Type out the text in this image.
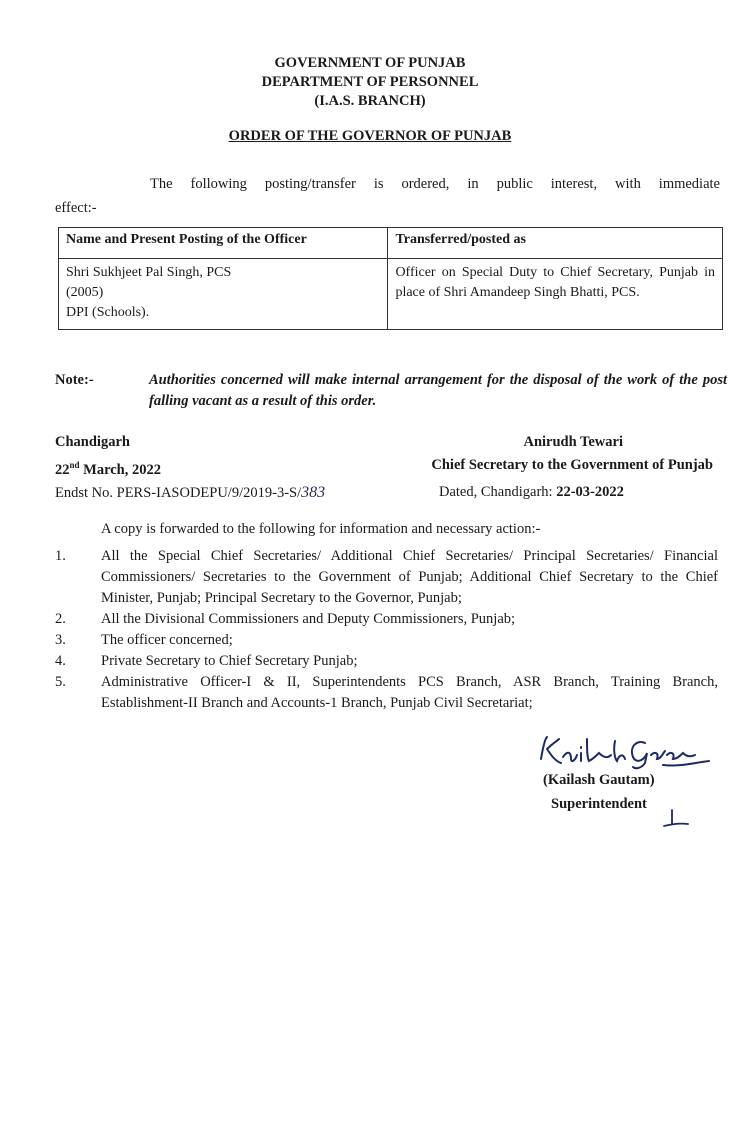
GOVERNMENT OF PUNJAB
DEPARTMENT OF PERSONNEL
(I.A.S. BRANCH)
ORDER OF THE GOVERNOR OF PUNJAB
The following posting/transfer is ordered, in public interest, with immediate
effect:-
Name and Present Posting of the Officer	Transferred/posted as

Shri Sukhjeet Pal Singh, PCS
(2005)
DPI (Schools).	Officer on Special Duty to Chief Secretary, Punjab in place of Shri Amandeep Singh Bhatti, PCS.
Note:-	Authorities concerned will make internal arrangement for the disposal of the work of the post falling vacant as a result of this order.
Chandigarh
22nd March, 2022
Anirudh Tewari
Chief Secretary to the Government of Punjab
Endst No. PERS-IASODEPU/9/2019-3-S/383	Dated, Chandigarh: 22-03-2022
A copy is forwarded to the following for information and necessary action:-
1. All the Special Chief Secretaries/ Additional Chief Secretaries/ Principal Secretaries/ Financial Commissioners/ Secretaries to the Government of Punjab; Additional Chief Secretary to the Chief Minister, Punjab; Principal Secretary to the Governor, Punjab;
2. All the Divisional Commissioners and Deputy Commissioners, Punjab;
3. The officer concerned;
4. Private Secretary to Chief Secretary Punjab;
5. Administrative Officer-I & II, Superintendents PCS Branch, ASR Branch, Training Branch, Establishment-II Branch and Accounts-1 Branch, Punjab Civil Secretariat;
(Kailash Gautam)
Superintendent
